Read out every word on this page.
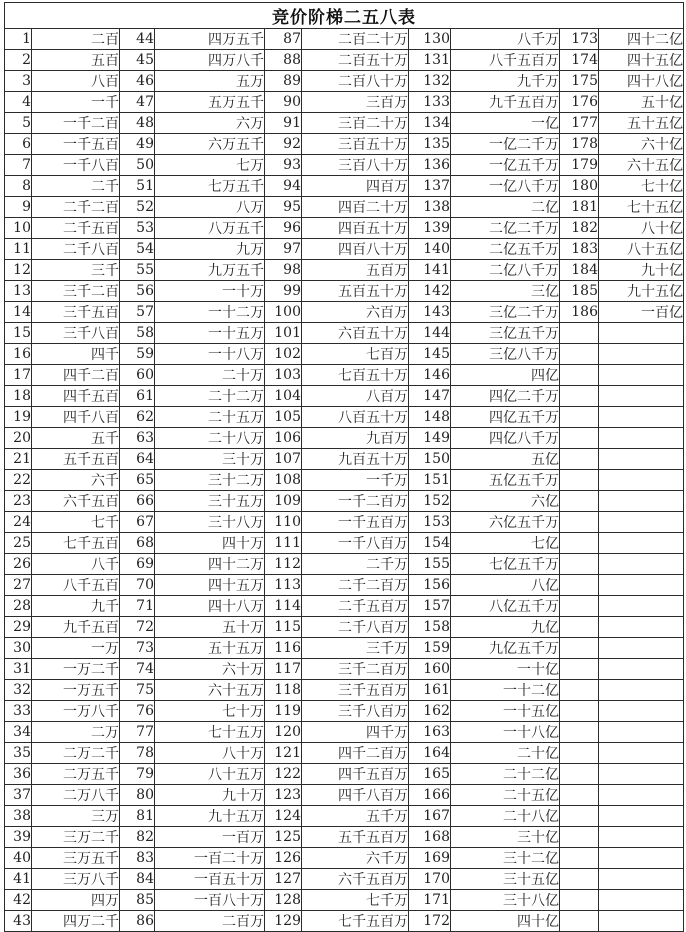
竞价阶梯二五八表									
1	二百	44	四万五千	87	二百二十万	130	八千万	173	四十二亿
2	五百	45	四万八千	88	二百五十万	131	八千五百万	174	四十五亿
3	八百	46	五万	89	二百八十万	132	九千万	175	四十八亿
4	一千	47	五万五千	90	三百万	133	九千五百万	176	五十亿
5	一千二百	48	六万	91	三百二十万	134	一亿	177	五十五亿
6	一千五百	49	六万五千	92	三百五十万	135	一亿二千万	178	六十亿
7	一千八百	50	七万	93	三百八十万	136	一亿五千万	179	六十五亿
8	二千	51	七万五千	94	四百万	137	一亿八千万	180	七十亿
9	二千二百	52	八万	95	四百二十万	138	二亿	181	七十五亿
10	二千五百	53	八万五千	96	四百五十万	139	二亿二千万	182	八十亿
11	二千八百	54	九万	97	四百八十万	140	二亿五千万	183	八十五亿
12	三千	55	九万五千	98	五百万	141	二亿八千万	184	九十亿
13	三千二百	56	一十万	99	五百五十万	142	三亿	185	九十五亿
14	三千五百	57	一十二万	100	六百万	143	三亿二千万	186	一百亿
15	三千八百	58	一十五万	101	六百五十万	144	三亿五千万		
16	四千	59	一十八万	102	七百万	145	三亿八千万		
17	四千二百	60	二十万	103	七百五十万	146	四亿		
18	四千五百	61	二十二万	104	八百万	147	四亿二千万		
19	四千八百	62	二十五万	105	八百五十万	148	四亿五千万		
20	五千	63	二十八万	106	九百万	149	四亿八千万		
21	五千五百	64	三十万	107	九百五十万	150	五亿		
22	六千	65	三十二万	108	一千万	151	五亿五千万		
23	六千五百	66	三十五万	109	一千二百万	152	六亿		
24	七千	67	三十八万	110	一千五百万	153	六亿五千万		
25	七千五百	68	四十万	111	一千八百万	154	七亿		
26	八千	69	四十二万	112	二千万	155	七亿五千万		
27	八千五百	70	四十五万	113	二千二百万	156	八亿		
28	九千	71	四十八万	114	二千五百万	157	八亿五千万		
29	九千五百	72	五十万	115	二千八百万	158	九亿		
30	一万	73	五十五万	116	三千万	159	九亿五千万		
31	一万二千	74	六十万	117	三千二百万	160	一十亿		
32	一万五千	75	六十五万	118	三千五百万	161	一十二亿		
33	一万八千	76	七十万	119	三千八百万	162	一十五亿		
34	二万	77	七十五万	120	四千万	163	一十八亿		
35	二万二千	78	八十万	121	四千二百万	164	二十亿		
36	二万五千	79	八十五万	122	四千五百万	165	二十二亿		
37	二万八千	80	九十万	123	四千八百万	166	二十五亿		
38	三万	81	九十五万	124	五千万	167	二十八亿		
39	三万二千	82	一百万	125	五千五百万	168	三十亿		
40	三万五千	83	一百二十万	126	六千万	169	三十二亿		
41	三万八千	84	一百五十万	127	六千五百万	170	三十五亿		
42	四万	85	一百八十万	128	七千万	171	三十八亿		
43	四万二千	86	二百万	129	七千五百万	172	四十亿		
